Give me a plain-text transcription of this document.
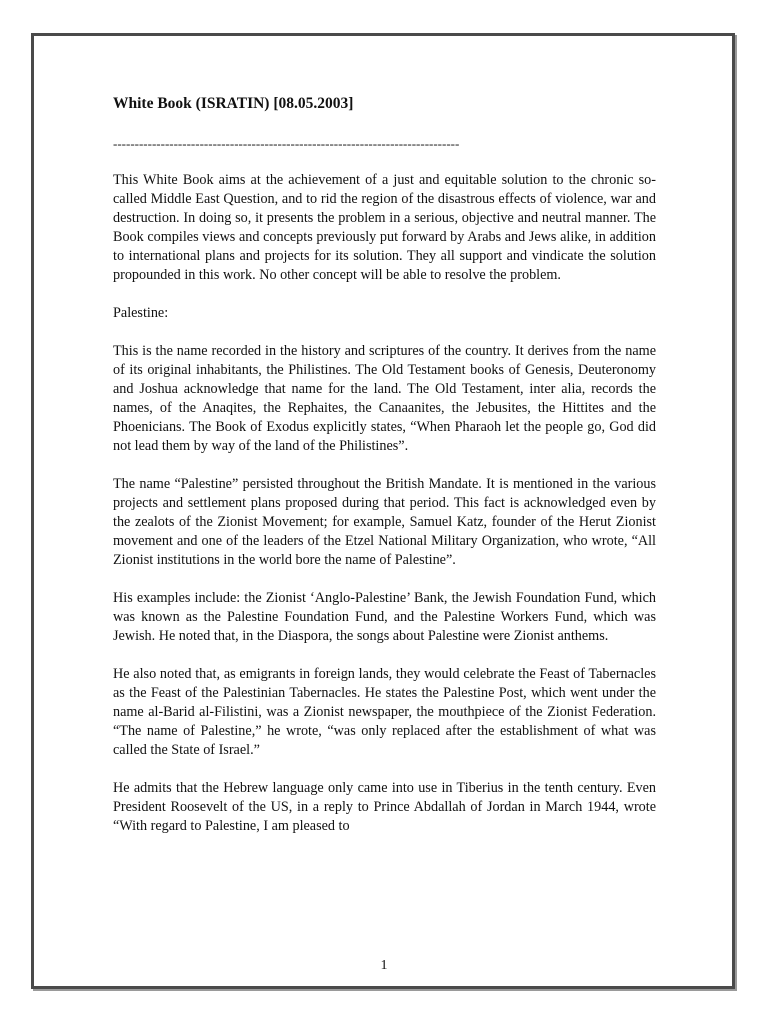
White Book (ISRATIN) [08.05.2003]

--------------------------------------------------------------------------------

This White Book aims at the achievement of a just and equitable solution to the chronic so-called Middle East Question, and to rid the region of the disastrous effects of violence, war and destruction. In doing so, it presents the problem in a serious, objective and neutral manner. The Book compiles views and concepts previously put forward by Arabs and Jews alike, in addition to international plans and projects for its solution. They all support and vindicate the solution propounded in this work. No other concept will be able to resolve the problem.

Palestine:

This is the name recorded in the history and scriptures of the country. It derives from the name of its original inhabitants, the Philistines. The Old Testament books of Genesis, Deuteronomy and Joshua acknowledge that name for the land. The Old Testament, inter alia, records the names, of the Anaqites, the Rephaites, the Canaanites, the Jebusites, the Hittites and the Phoenicians. The Book of Exodus explicitly states, “When Pharaoh let the people go, God did not lead them by way of the land of the Philistines”.

The name “Palestine” persisted throughout the British Mandate. It is mentioned in the various projects and settlement plans proposed during that period. This fact is acknowledged even by the zealots of the Zionist Movement; for example, Samuel Katz, founder of the Herut Zionist movement and one of the leaders of the Etzel National Military Organization, who wrote, “All Zionist institutions in the world bore the name of Palestine”.

His examples include: the Zionist ‘Anglo-Palestine’ Bank, the Jewish Foundation Fund, which was known as the Palestine Foundation Fund, and the Palestine Workers Fund, which was Jewish. He noted that, in the Diaspora, the songs about Palestine were Zionist anthems.

He also noted that, as emigrants in foreign lands, they would celebrate the Feast of Tabernacles as the Feast of the Palestinian Tabernacles. He states the Palestine Post, which went under the name al-Barid al-Filistini, was a Zionist newspaper, the mouthpiece of the Zionist Federation. “The name of Palestine,” he wrote, “was only replaced after the establishment of what was called the State of Israel.”

He admits that the Hebrew language only came into use in Tiberius in the tenth century. Even President Roosevelt of the US, in a reply to Prince Abdallah of Jordan in March 1944, wrote “With regard to Palestine, I am pleased to

1
